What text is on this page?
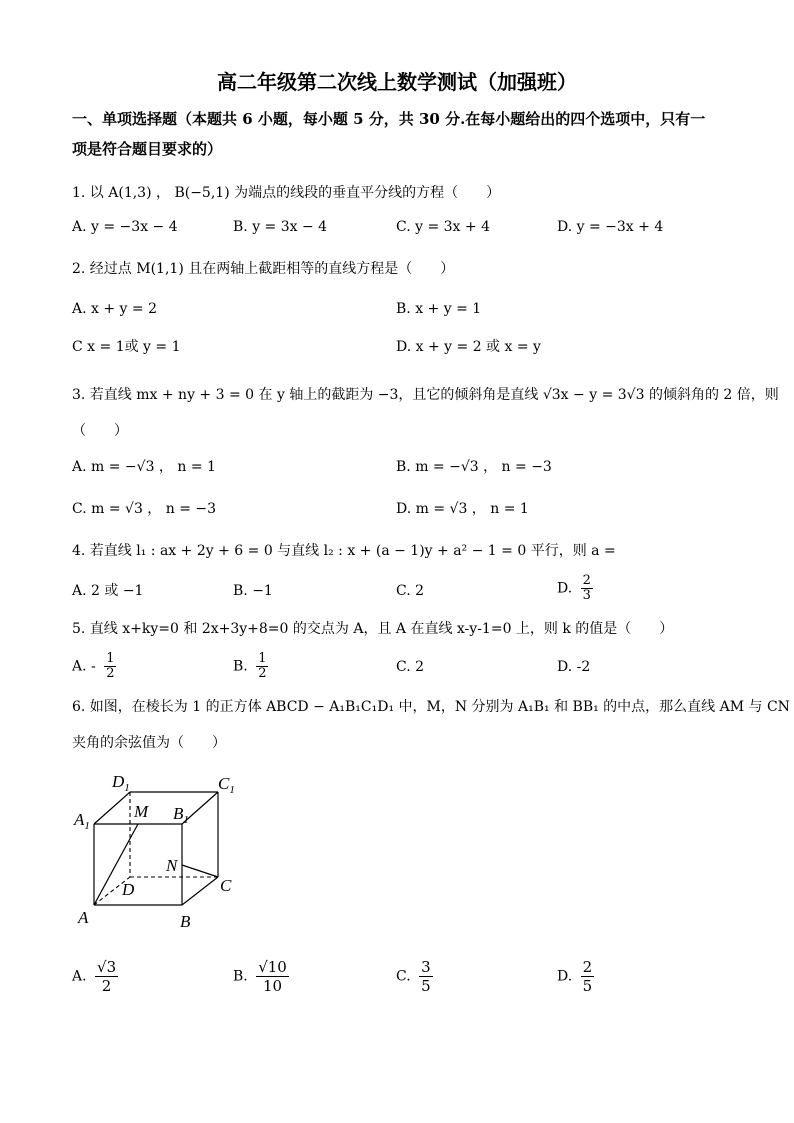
高二年级第二次线上数学测试（加强班）
一、单项选择题（本题共 6 小题，每小题 5 分，共 30 分.在每小题给出的四个选项中，只有一
项是符合题目要求的）
1. 以 A(1,3) ， B(−5,1) 为端点的线段的垂直平分线的方程（　　）
A. y = −3x − 4	B. y = 3x − 4	C. y = 3x + 4	D. y = −3x + 4
2. 经过点 M(1,1) 且在两轴上截距相等的直线方程是（　　）
A. x + y = 2	B. x + y = 1
C x = 1或 y = 1	D. x + y = 2 或 x = y
3. 若直线 mx + ny + 3 = 0 在 y 轴上的截距为 −3，且它的倾斜角是直线 √3x − y = 3√3 的倾斜角的 2 倍，则
（　　）
A. m = −√3 ， n = 1	B. m = −√3 ， n = −3
C. m = √3 ， n = −3	D. m = √3 ， n = 1
4. 若直线 l₁ : ax + 2y + 6 = 0 与直线 l₂ : x + (a − 1)y + a² − 1 = 0 平行，则 a =
A. 2 或 −1	B. −1	C. 2	D. $\frac{2}{3}$
5. 直线 x+ky=0 和 2x+3y+8=0 的交点为 A，且 A 在直线 x-y-1=0 上，则 k 的值是（　　）
A. - $\frac{1}{2}$	B. $\frac{1}{2}$	C. 2	D. -2
6. 如图，在棱长为 1 的正方体 ABCD − A₁B₁C₁D₁ 中，M，N 分别为 A₁B₁ 和 BB₁ 的中点，那么直线 AM 与 CN
夹角的余弦值为（　　）
$D_1$	$C_1$
$A_1$
$B_1$
M
N
D	C
A	B
A. $\frac{√3}{2}$	B. $\frac{√10}{10}$	C. $\frac{3}{5}$	D. $\frac{2}{5}$
